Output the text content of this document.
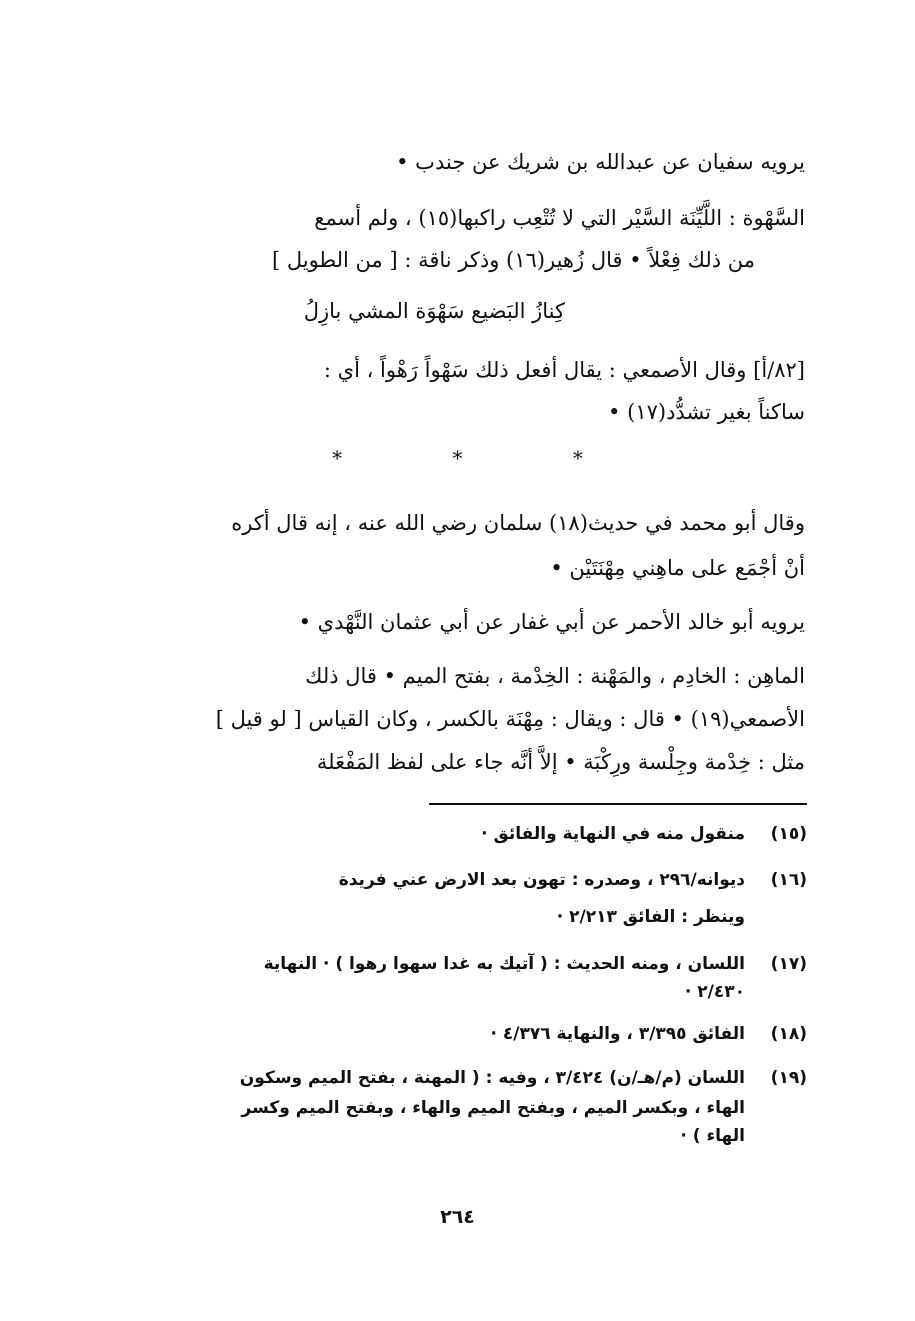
يرويه سفيان عن عبدالله بن شريك عن جندب •
السَّهْوة : اللَّيِّنَة السَّيْر التي لا تُتْعِب راكبها(١٥) ، ولم أسمع
من ذلك فِعْلاً • قال زُهير(١٦) وذكر ناقة : [ من الطويل ]
كِنازُ البَضيع سَهْوَة المشي بازِلُ
[٨٢/أ] وقال الأصمعي : يقال أفعل ذلك سَهْواً رَهْواً ، أي :
ساكناً بغير تشدُّد(١٧) •
* * *
وقال أبو محمد في حديث(١٨) سلمان رضي الله عنه ، إنه قال أكره
أنْ أجْمَع على ماهِني مِهْنَتَيْن •
يرويه أبو خالد الأحمر عن أبي غفار عن أبي عثمان النَّهْدي •
الماهِن : الخادِم ، والمَهْنة : الخِدْمة ، بفتح الميم • قال ذلك
الأصمعي(١٩) • قال : ويقال : مِهْنَة بالكسر ، وكان القياس [ لو قيل ]
مثل : خِدْمة وجِلْسة ورِكْبَة • إلاَّ أنَّه جاء على لفظ المَفْعَلة
(١٥)
منقول منه في النهاية والفائق ·
(١٦)
ديوانه/٢٩٦ ، وصدره : تهون بعد الارض عني فريدة
وينظر : الفائق ٢/٢١٣ ·
(١٧)
اللسان ، ومنه الحديث : ( آتيك به غدا سهوا رهوا ) · النهاية
٢/٤٣٠ ·
(١٨)
الفائق ٣/٣٩٥ ، والنهاية ٤/٣٧٦ ·
(١٩)
اللسان (م/هـ/ن) ٣/٤٢٤ ، وفيه : ( المهنة ، بفتح الميم وسكون
الهاء ، وبكسر الميم ، وبفتح الميم والهاء ، وبفتح الميم وكسر
الهاء ) ·
٢٦٤
